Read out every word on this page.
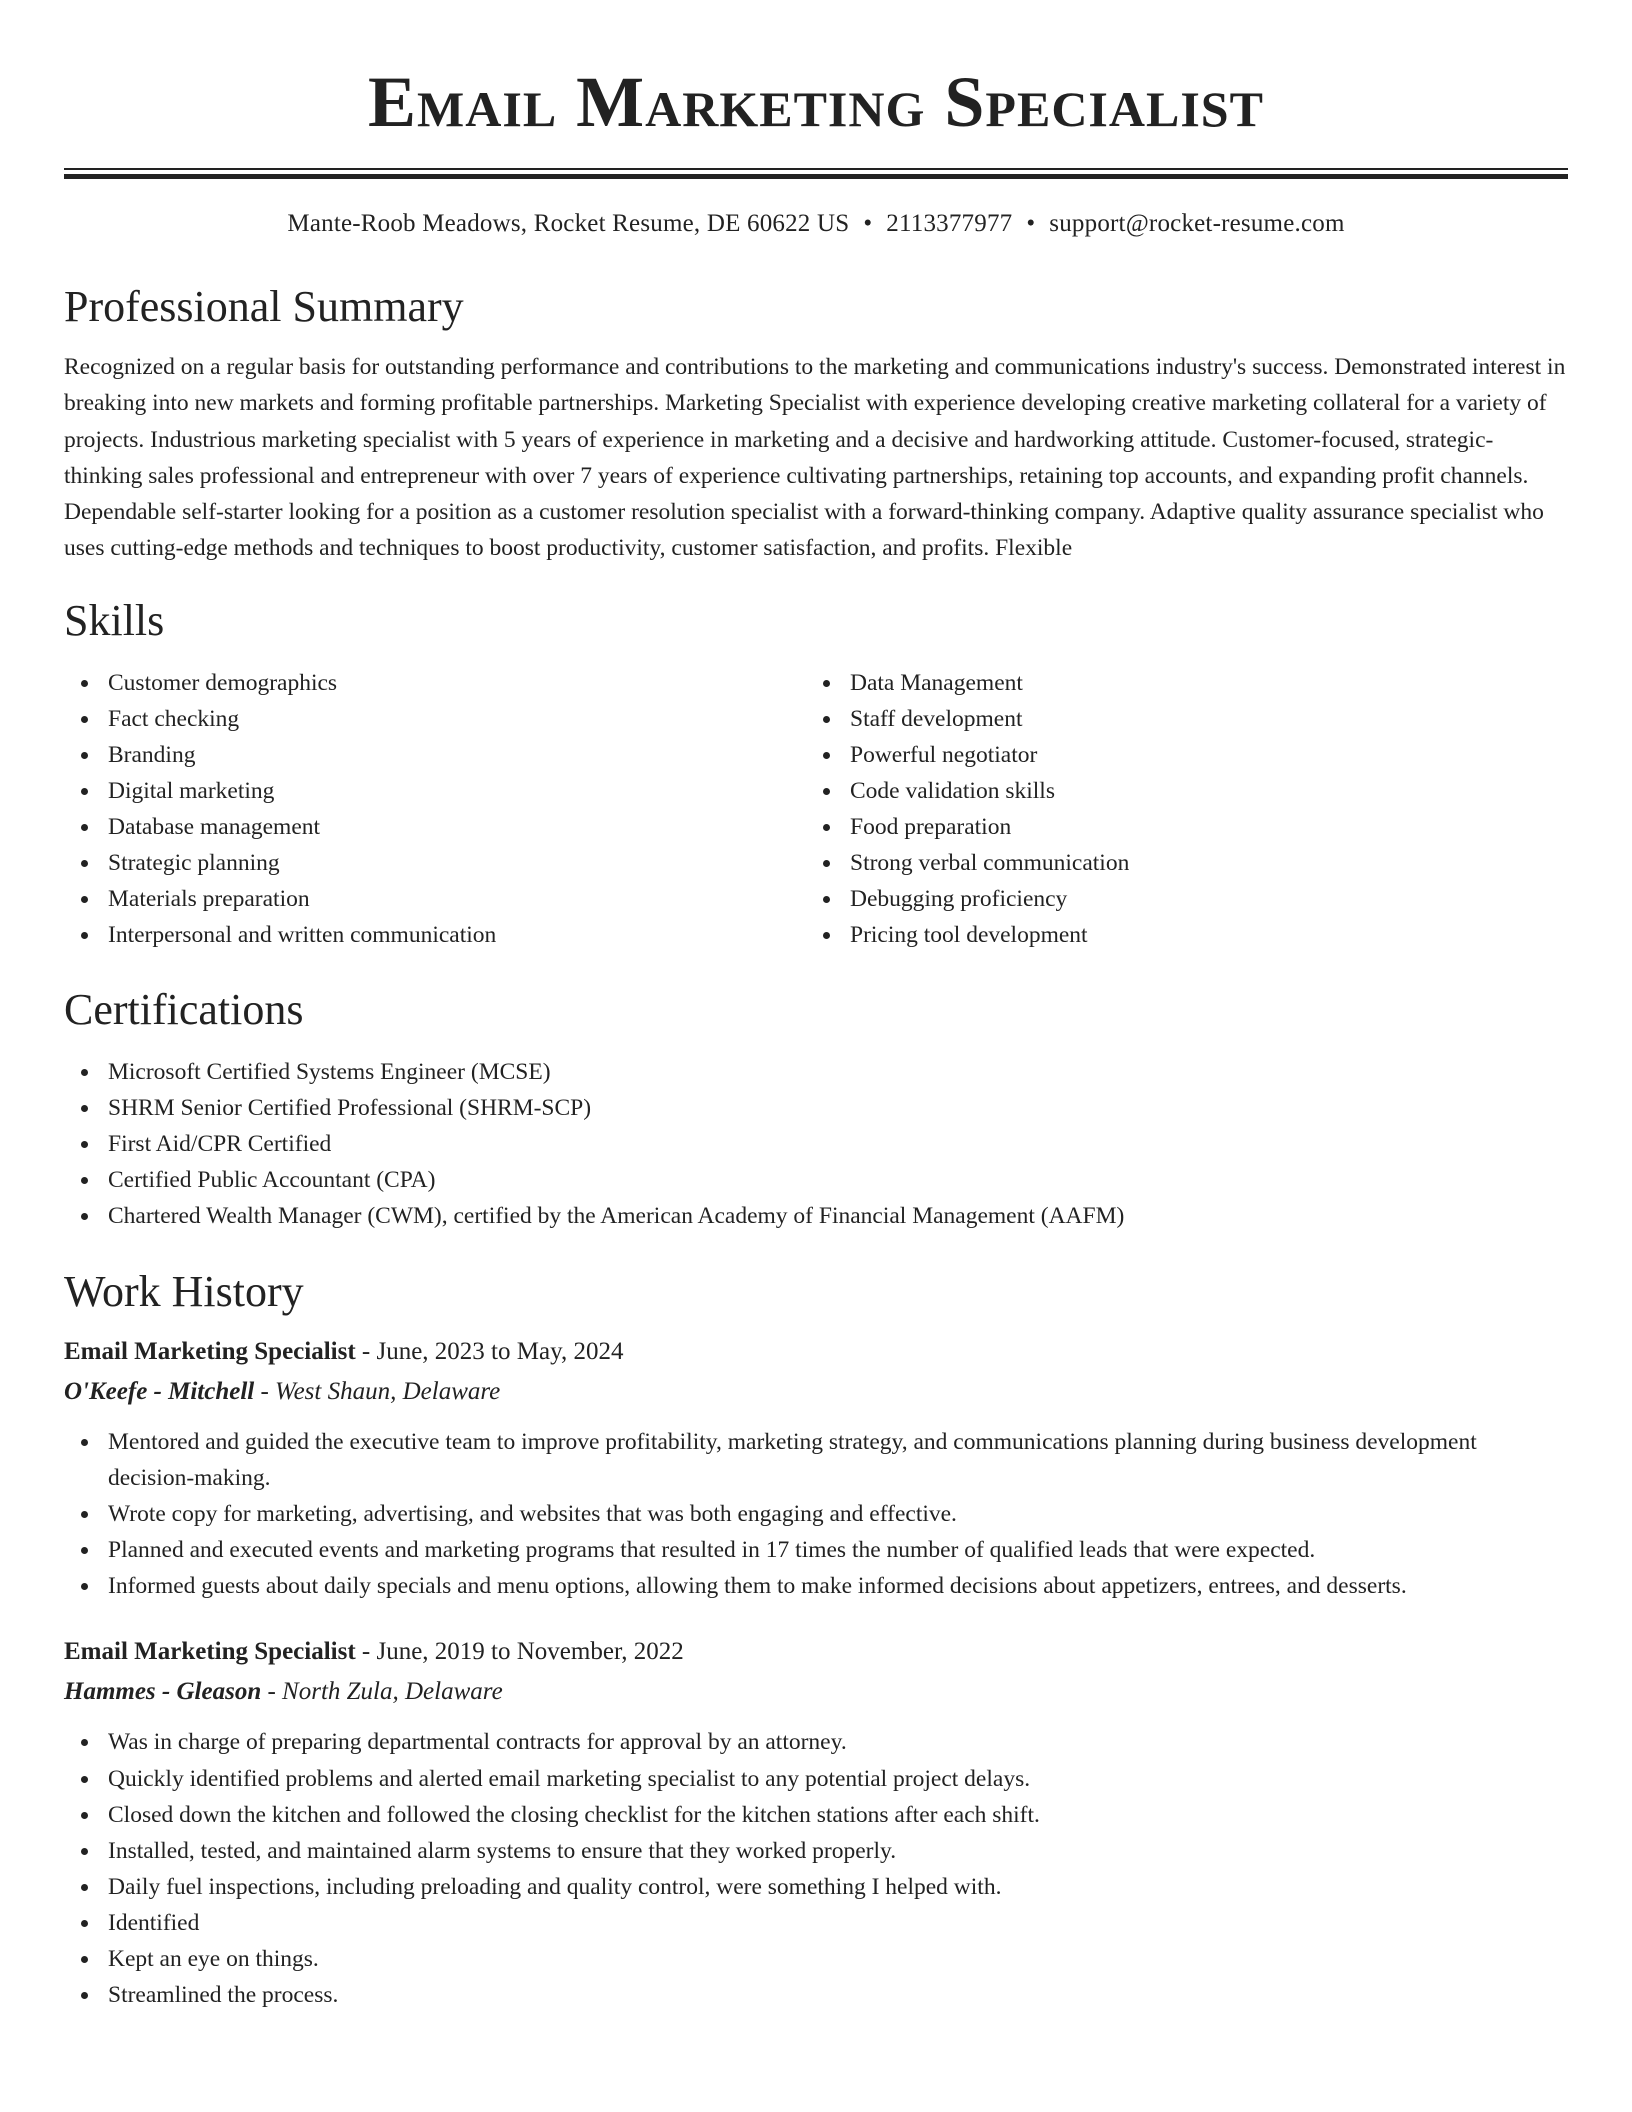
Email Marketing Specialist
Mante-Roob Meadows, Rocket Resume, DE 60622 US • 2113377977 • support@rocket-resume.com
Professional Summary

Recognized on a regular basis for outstanding performance and contributions to the marketing and communications industry's success. Demonstrated interest in breaking into new markets and forming profitable partnerships. Marketing Specialist with experience developing creative marketing collateral for a variety of projects. Industrious marketing specialist with 5 years of experience in marketing and a decisive and hardworking attitude. Customer-focused, strategic-thinking sales professional and entrepreneur with over 7 years of experience cultivating partnerships, retaining top accounts, and expanding profit channels. Dependable self-starter looking for a position as a customer resolution specialist with a forward-thinking company. Adaptive quality assurance specialist who uses cutting-edge methods and techniques to boost productivity, customer satisfaction, and profits. Flexible

Skills
Customer demographics
Fact checking
Branding
Digital marketing
Database management
Strategic planning
Materials preparation
Interpersonal and written communication
Data Management
Staff development
Powerful negotiator
Code validation skills
Food preparation
Strong verbal communication
Debugging proficiency
Pricing tool development
Certifications
Microsoft Certified Systems Engineer (MCSE)
SHRM Senior Certified Professional (SHRM-SCP)
First Aid/CPR Certified
Certified Public Accountant (CPA)
Chartered Wealth Manager (CWM), certified by the American Academy of Financial Management (AAFM)
Work History
Email Marketing Specialist - June, 2023 to May, 2024
O'Keefe - Mitchell - West Shaun, Delaware
Mentored and guided the executive team to improve profitability, marketing strategy, and communications planning during business development decision-making.
Wrote copy for marketing, advertising, and websites that was both engaging and effective.
Planned and executed events and marketing programs that resulted in 17 times the number of qualified leads that were expected.
Informed guests about daily specials and menu options, allowing them to make informed decisions about appetizers, entrees, and desserts.
Email Marketing Specialist - June, 2019 to November, 2022
Hammes - Gleason - North Zula, Delaware
Was in charge of preparing departmental contracts for approval by an attorney.
Quickly identified problems and alerted email marketing specialist to any potential project delays.
Closed down the kitchen and followed the closing checklist for the kitchen stations after each shift.
Installed, tested, and maintained alarm systems to ensure that they worked properly.
Daily fuel inspections, including preloading and quality control, were something I helped with.
Identified
Kept an eye on things.
Streamlined the process.
